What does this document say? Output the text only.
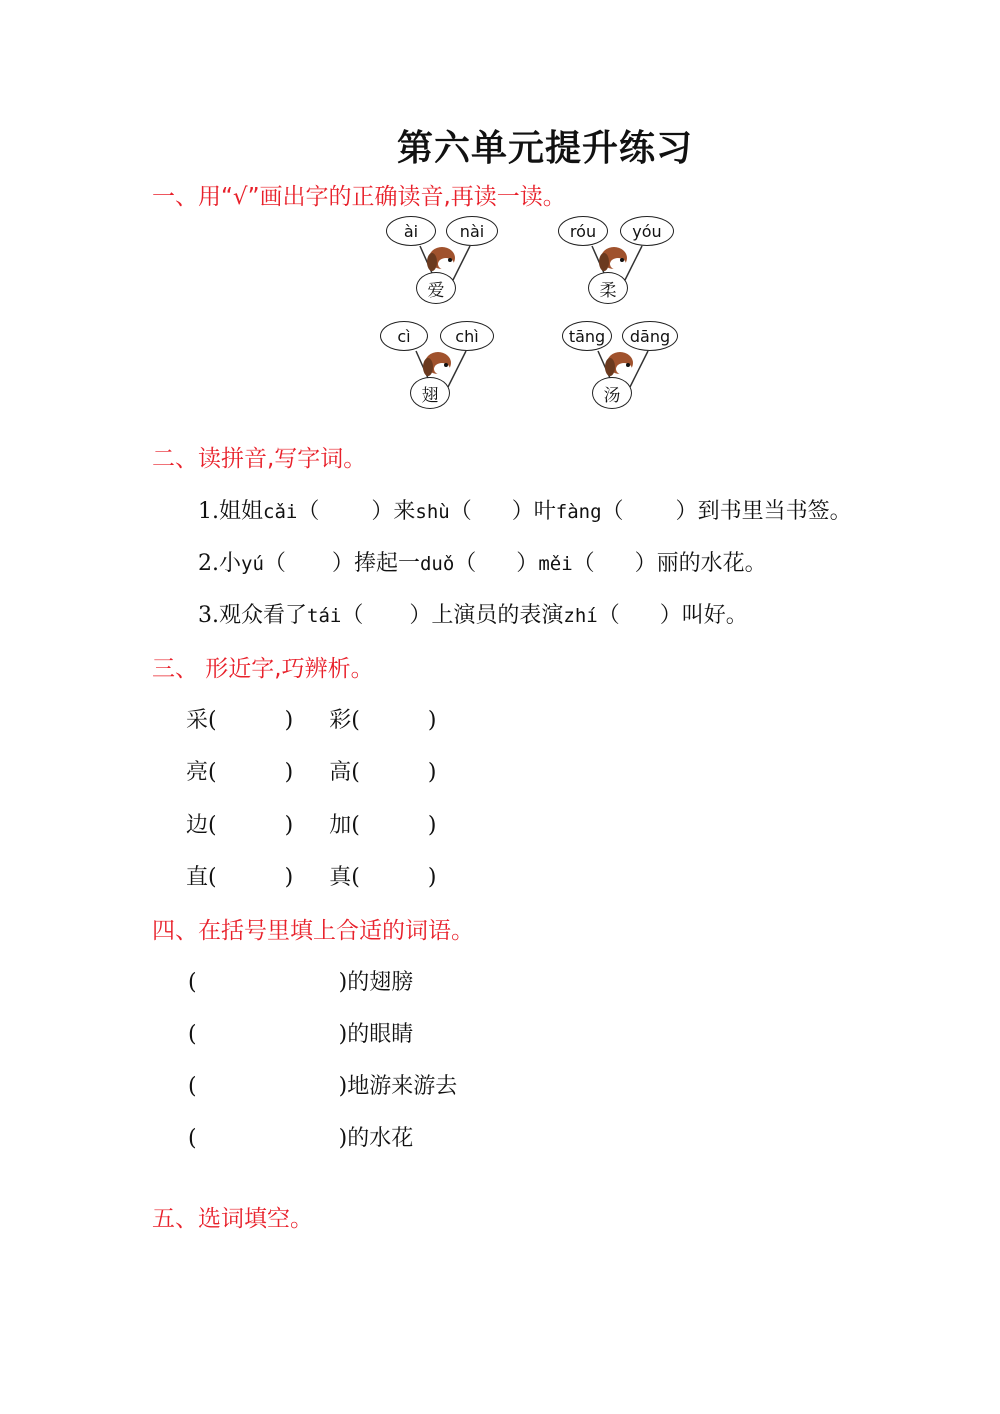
第六单元提升练习
一、用“√”画出字的正确读音,再读一读。
ài	nài
爱
róu	yóu
柔
cì	chì
翅
tāng	dāng
汤
二、读拼音,写字词。
1.姐姐cǎi（ ）来shù（ ）叶fàng（ ）到书里当书签。
2.小yú（ ）捧起一duǒ（ ）měi（ ）丽的水花。
3.观众看了tái（ ）上演员的表演zhí（ ）叫好。
三、 形近字,巧辨析。
采(	) 彩(	)
亮(	) 高(	)
边(	) 加(	)
直(	) 真(	)
四、在括号里填上合适的词语。
(	)的翅膀
(	)的眼睛
(	)地游来游去
(	)的水花
五、选词填空。
